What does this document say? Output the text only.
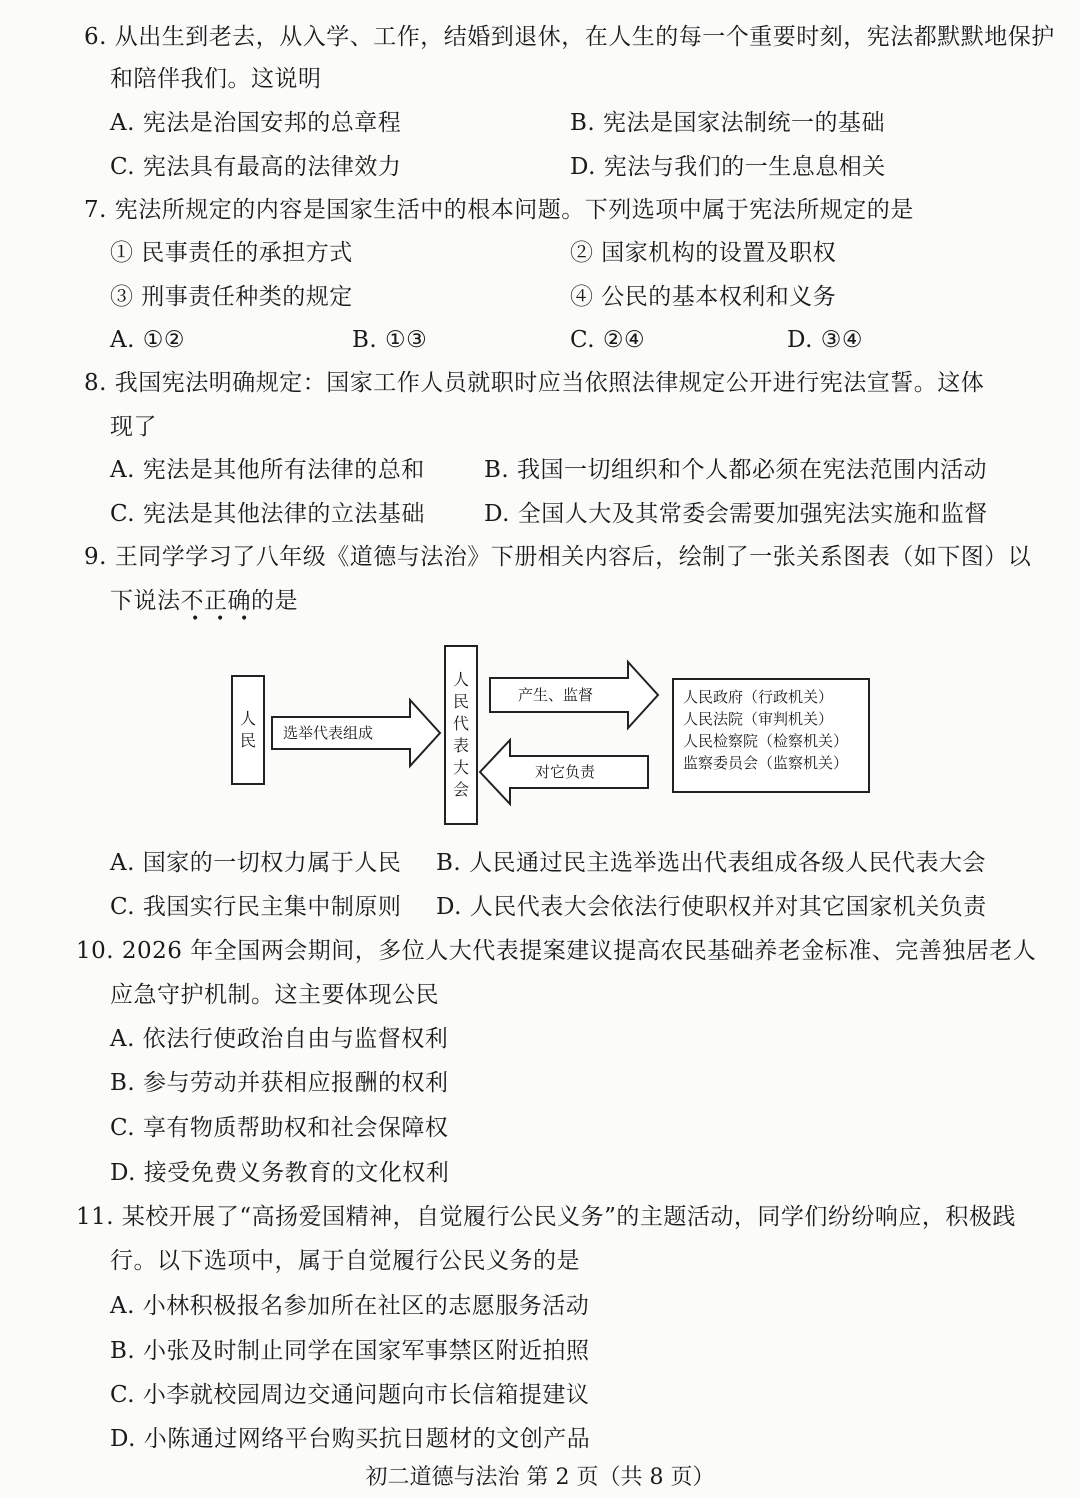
6. 从出生到老去，从入学、工作，结婚到退休，在人生的每一个重要时刻，宪法都默默地保护
和陪伴我们。这说明
A. 宪法是治国安邦的总章程	B. 宪法是国家法制统一的基础
C. 宪法具有最高的法律效力	D. 宪法与我们的一生息息相关
7. 宪法所规定的内容是国家生活中的根本问题。下列选项中属于宪法所规定的是
① 民事责任的承担方式	② 国家机构的设置及职权
③ 刑事责任种类的规定	④ 公民的基本权利和义务
A. ①②	B. ①③	C. ②④	D. ③④
8. 我国宪法明确规定：国家工作人员就职时应当依照法律规定公开进行宪法宣誓。这体
现了
A. 宪法是其他所有法律的总和	B. 我国一切组织和个人都必须在宪法范围内活动
C. 宪法是其他法律的立法基础	D. 全国人大及其常委会需要加强宪法实施和监督
9. 王同学学习了八年级《道德与法治》下册相关内容后，绘制了一张关系图表（如下图）以
下说法不正确的是
• • •
人民
人民代表大会
人民政府（行政机关）
人民法院（审判机关）
人民检察院（检察机关）
监察委员会（监察机关）
选举代表组成
产生、监督
对它负责
A. 国家的一切权力属于人民 B. 人民通过民主选举选出代表组成各级人民代表大会
C. 我国实行民主集中制原则 D. 人民代表大会依法行使职权并对其它国家机关负责
10. 2026 年全国两会期间，多位人大代表提案建议提高农民基础养老金标准、完善独居老人
应急守护机制。这主要体现公民
A. 依法行使政治自由与监督权利
B. 参与劳动并获相应报酬的权利
C. 享有物质帮助权和社会保障权
D. 接受免费义务教育的文化权利
11. 某校开展了“高扬爱国精神，自觉履行公民义务”的主题活动，同学们纷纷响应，积极践
行。以下选项中，属于自觉履行公民义务的是
A. 小林积极报名参加所在社区的志愿服务活动
B. 小张及时制止同学在国家军事禁区附近拍照
C. 小李就校园周边交通问题向市长信箱提建议
D. 小陈通过网络平台购买抗日题材的文创产品
初二道德与法治 第 2 页（共 8 页）
